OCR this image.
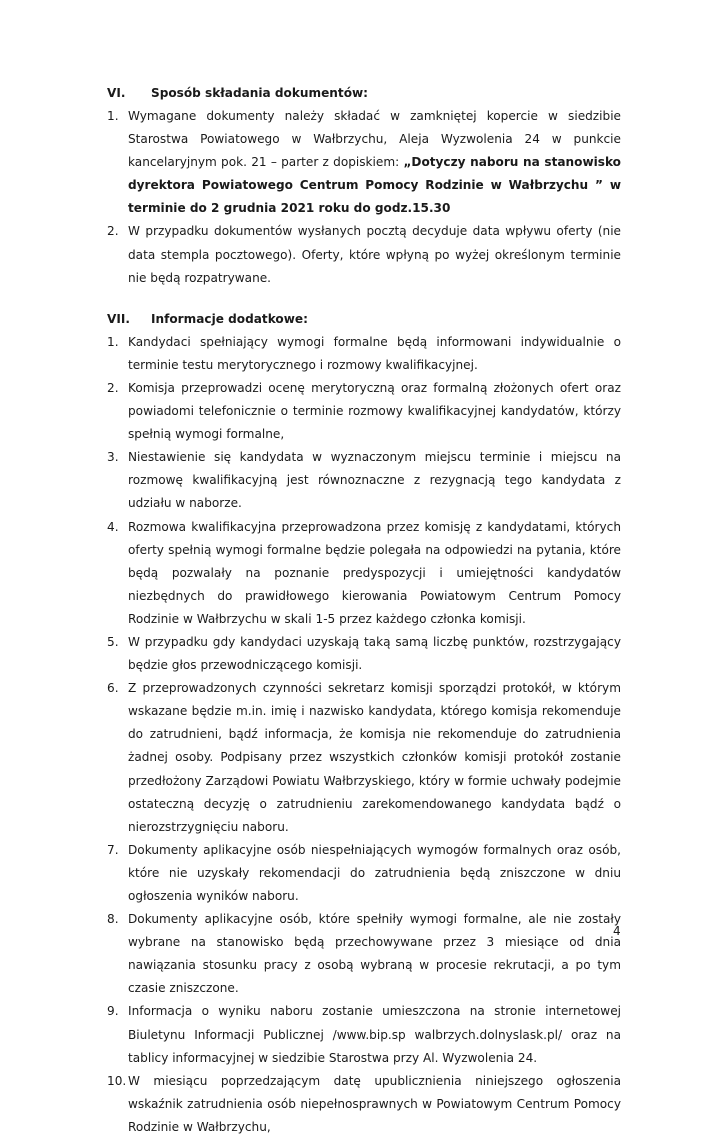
VI.	Sposób składania dokumentów:
1. Wymagane dokumenty należy składać w zamkniętej kopercie w siedzibie Starostwa Powiatowego w Wałbrzychu, Aleja Wyzwolenia 24 w punkcie kancelaryjnym pok. 21 – parter z dopiskiem: „Dotyczy naboru na stanowisko dyrektora Powiatowego Centrum Pomocy Rodzinie w Wałbrzychu ” w terminie do 2 grudnia 2021 roku do godz.15.30
2. W przypadku dokumentów wysłanych pocztą decyduje data wpływu oferty (nie data stempla pocztowego). Oferty, które wpłyną po wyżej określonym terminie nie będą rozpatrywane.
VII.	Informacje dodatkowe:
1. Kandydaci spełniający wymogi formalne będą informowani indywidualnie o terminie testu merytorycznego i rozmowy kwalifikacyjnej.
2. Komisja przeprowadzi ocenę merytoryczną oraz formalną złożonych ofert oraz powiadomi telefonicznie o terminie rozmowy kwalifikacyjnej kandydatów, którzy spełnią wymogi formalne,
3. Niestawienie się kandydata w wyznaczonym miejscu terminie i miejscu na rozmowę kwalifikacyjną jest równoznaczne z rezygnacją tego kandydata z udziału w naborze.
4. Rozmowa kwalifikacyjna przeprowadzona przez komisję z kandydatami, których oferty spełnią wymogi formalne będzie polegała na odpowiedzi na pytania, które będą pozwalały na poznanie predyspozycji i umiejętności kandydatów niezbędnych do prawidłowego kierowania Powiatowym Centrum Pomocy Rodzinie w Wałbrzychu w skali 1-5 przez każdego członka komisji.
5. W przypadku gdy kandydaci uzyskają taką samą liczbę punktów, rozstrzygający będzie głos przewodniczącego komisji.
6. Z przeprowadzonych czynności sekretarz komisji sporządzi protokół, w którym wskazane będzie m.in. imię i nazwisko kandydata, którego komisja rekomenduje do zatrudnieni, bądź informacja, że komisja nie rekomenduje do zatrudnienia żadnej osoby. Podpisany przez wszystkich członków komisji protokół zostanie przedłożony Zarządowi Powiatu Wałbrzyskiego, który w formie uchwały podejmie ostateczną decyzję o zatrudnieniu zarekomendowanego kandydata bądź o nierozstrzygnięciu naboru.
7. Dokumenty aplikacyjne osób niespełniających wymogów formalnych oraz osób, które nie uzyskały rekomendacji do zatrudnienia będą zniszczone w dniu ogłoszenia wyników naboru.
8. Dokumenty aplikacyjne osób, które spełniły wymogi formalne, ale nie zostały wybrane na stanowisko będą przechowywane przez 3 miesiące od dnia nawiązania stosunku pracy z osobą wybraną w procesie rekrutacji, a po tym czasie zniszczone.
9. Informacja o wyniku naboru zostanie umieszczona na stronie internetowej Biuletynu Informacji Publicznej /www.bip.sp walbrzych.dolnyslask.pl/ oraz na tablicy informacyjnej w siedzibie Starostwa przy Al. Wyzwolenia 24.
10. W miesiącu poprzedzającym datę upublicznienia niniejszego ogłoszenia wskaźnik zatrudnienia osób niepełnosprawnych w Powiatowym Centrum Pomocy Rodzinie w Wałbrzychu,
4
